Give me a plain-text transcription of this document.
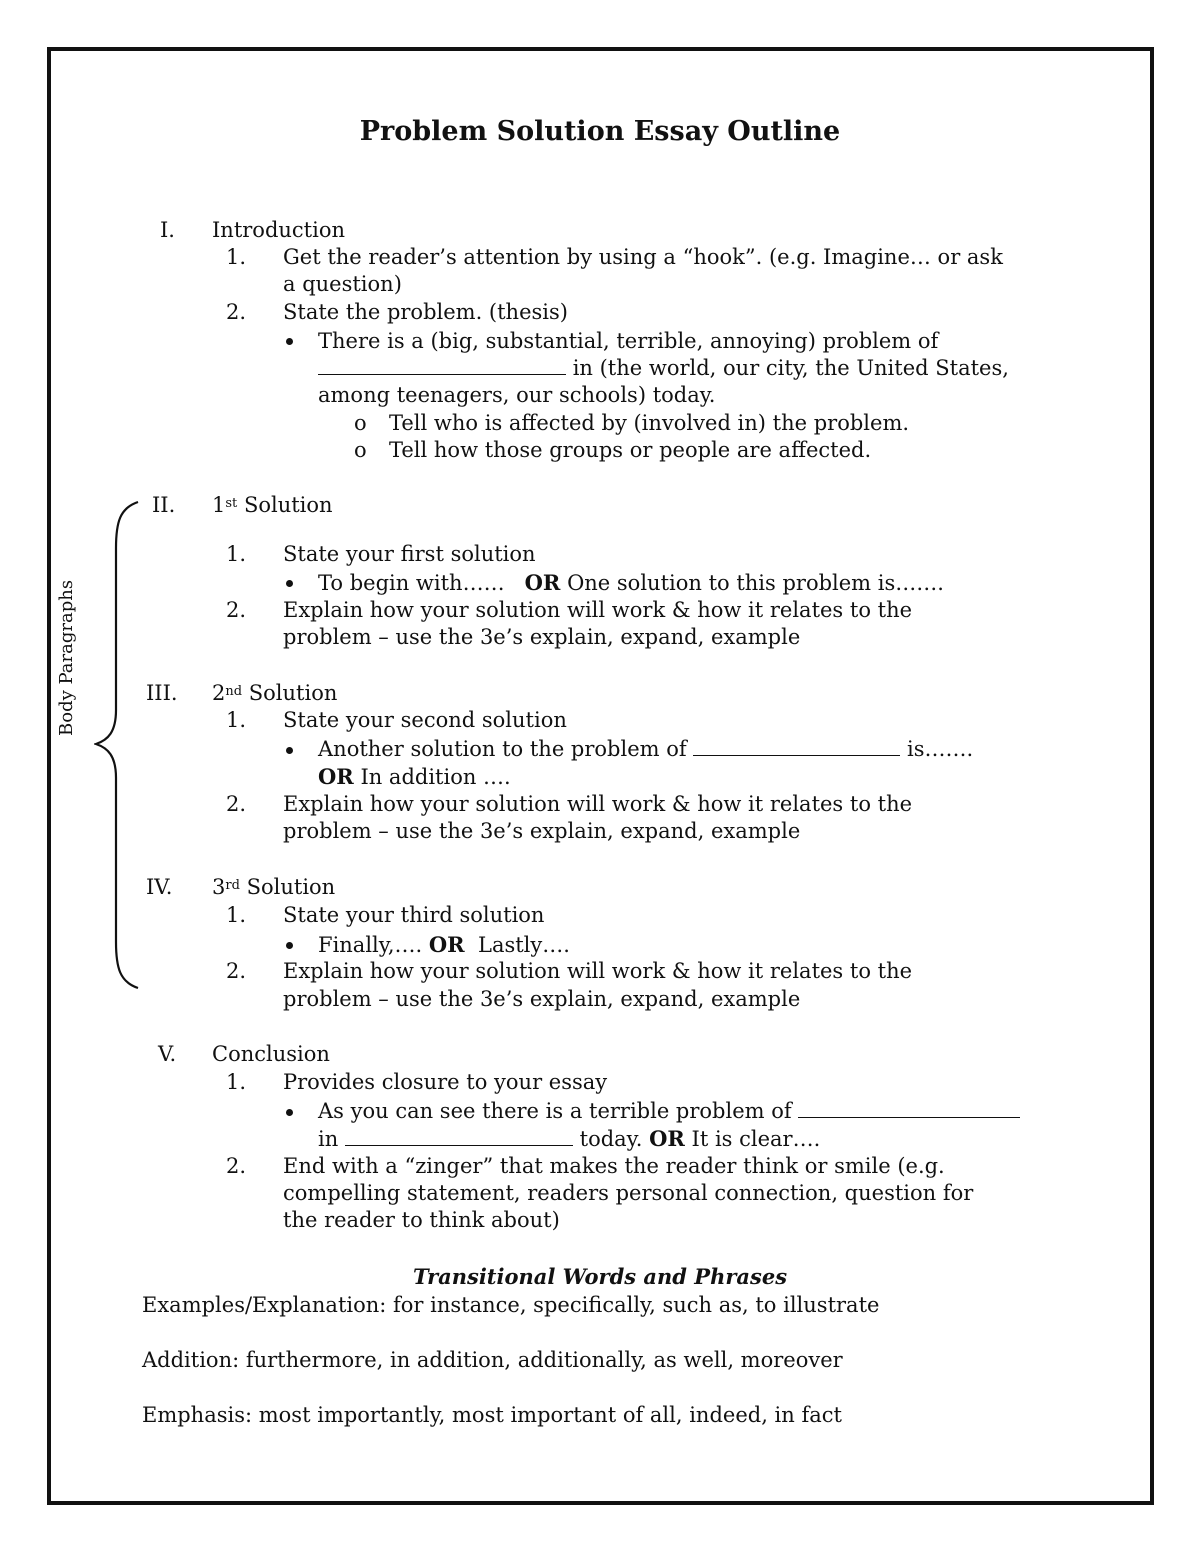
Problem Solution Essay Outline
Body Paragraphs
I. Introduction
1. Get the reader’s attention by using a “hook”. (e.g. Imagine… or ask
a question)
2. State the problem. (thesis)
There is a (big, substantial, terrible, annoying) problem of
in (the world, our city, the United States,
among teenagers, our schools) today.
o Tell who is affected by (involved in) the problem.
o Tell how those groups or people are affected.
II. 1st Solution
1. State your first solution
To begin with…… OR One solution to this problem is…….
2. Explain how your solution will work & how it relates to the
problem – use the 3e’s explain, expand, example
III. 2nd Solution
1. State your second solution
Another solution to the problem of	is…….
OR In addition ….
2. Explain how your solution will work & how it relates to the
problem – use the 3e’s explain, expand, example
IV. 3rd Solution
1. State your third solution
Finally,…. OR Lastly….
2. Explain how your solution will work & how it relates to the
problem – use the 3e’s explain, expand, example
V. Conclusion
1. Provides closure to your essay
As you can see there is a terrible problem of
in	today. OR It is clear….
2. End with a “zinger” that makes the reader think or smile (e.g.
compelling statement, readers personal connection, question for
the reader to think about)
Transitional Words and Phrases
Examples/Explanation: for instance, specifically, such as, to illustrate
Addition: furthermore, in addition, additionally, as well, moreover
Emphasis: most importantly, most important of all, indeed, in fact
